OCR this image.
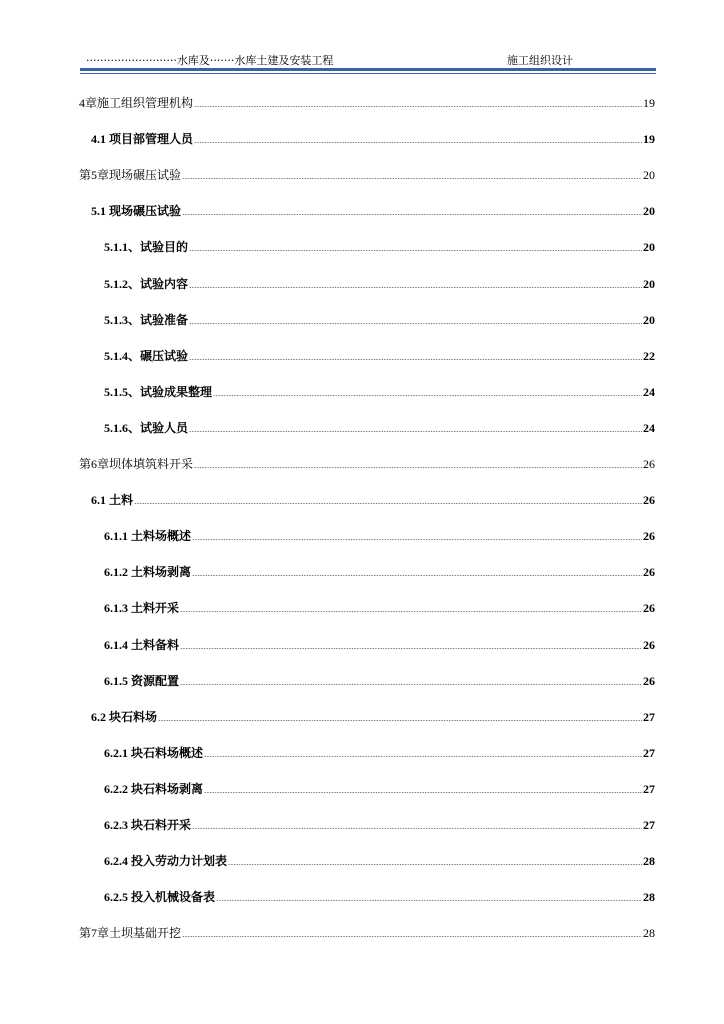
··························水库及·······水库土建及安装工程	施工组织设计
4章施工组织管理机构	19
4.1 项目部管理人员	19
第5章现场碾压试验	20
5.1 现场碾压试验	20
5.1.1、试验目的	20
5.1.2、试验内容	20
5.1.3、试验准备	20
5.1.4、碾压试验	22
5.1.5、试验成果整理	24
5.1.6、试验人员	24
第6章坝体填筑料开采	26
6.1 土料	26
6.1.1 土料场概述	26
6.1.2 土料场剥离	26
6.1.3 土料开采	26
6.1.4 土料备料	26
6.1.5 资源配置	26
6.2 块石料场	27
6.2.1 块石料场概述	27
6.2.2 块石料场剥离	27
6.2.3 块石料开采	27
6.2.4 投入劳动力计划表	28
6.2.5 投入机械设备表	28
第7章土坝基础开挖	28
